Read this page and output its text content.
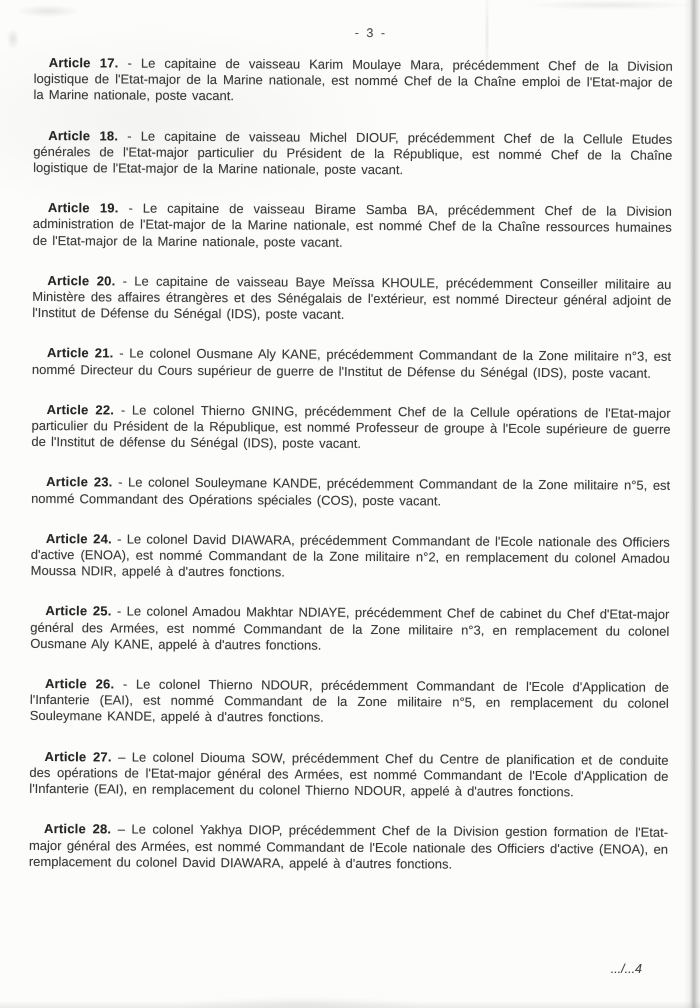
- 3 -

Article 17. - Le capitaine de vaisseau Karim Moulaye Mara, précédemment Chef de la Division logistique de l'Etat-major de la Marine nationale, est nommé Chef de la Chaîne emploi de l'Etat-major de la Marine nationale, poste vacant.

Article 18. - Le capitaine de vaisseau Michel DIOUF, précédemment Chef de la Cellule Etudes générales de l'Etat-major particulier du Président de la République, est nommé Chef de la Chaîne logistique de l'Etat-major de la Marine nationale, poste vacant.

Article 19. - Le capitaine de vaisseau Birame Samba BA, précédemment Chef de la Division administration de l'Etat-major de la Marine nationale, est nommé Chef de la Chaîne ressources humaines de l'Etat-major de la Marine nationale, poste vacant.

Article 20. - Le capitaine de vaisseau Baye Meïssa KHOULE, précédemment Conseiller militaire au Ministère des affaires étrangères et des Sénégalais de l'extérieur, est nommé Directeur général adjoint de l'Institut de Défense du Sénégal (IDS), poste vacant.

Article 21. - Le colonel Ousmane Aly KANE, précédemment Commandant de la Zone militaire n°3, est nommé Directeur du Cours supérieur de guerre de l'Institut de Défense du Sénégal (IDS), poste vacant.

Article 22. - Le colonel Thierno GNING, précédemment Chef de la Cellule opérations de l'Etat-major particulier du Président de la République, est nommé Professeur de groupe à l'Ecole supérieure de guerre de l'Institut de défense du Sénégal (IDS), poste vacant.

Article 23. - Le colonel Souleymane KANDE, précédemment Commandant de la Zone militaire n°5, est nommé Commandant des Opérations spéciales (COS), poste vacant.

Article 24. - Le colonel David DIAWARA, précédemment Commandant de l'Ecole nationale des Officiers d'active (ENOA), est nommé Commandant de la Zone militaire n°2, en remplacement du colonel Amadou Moussa NDIR, appelé à d'autres fonctions.

Article 25. - Le colonel Amadou Makhtar NDIAYE, précédemment Chef de cabinet du Chef d'Etat-major général des Armées, est nommé Commandant de la Zone militaire n°3, en remplacement du colonel Ousmane Aly KANE, appelé à d'autres fonctions.

Article 26. - Le colonel Thierno NDOUR, précédemment Commandant de l'Ecole d'Application de l'Infanterie (EAI), est nommé Commandant de la Zone militaire n°5, en remplacement du colonel Souleymane KANDE, appelé à d'autres fonctions.

Article 27. – Le colonel Diouma SOW, précédemment Chef du Centre de planification et de conduite des opérations de l'Etat-major général des Armées, est nommé Commandant de l'Ecole d'Application de l'Infanterie (EAI), en remplacement du colonel Thierno NDOUR, appelé à d'autres fonctions.

Article 28. – Le colonel Yakhya DIOP, précédemment Chef de la Division gestion formation de l'Etat-major général des Armées, est nommé Commandant de l'Ecole nationale des Officiers d'active (ENOA), en remplacement du colonel David DIAWARA, appelé à d'autres fonctions.

.../...4
